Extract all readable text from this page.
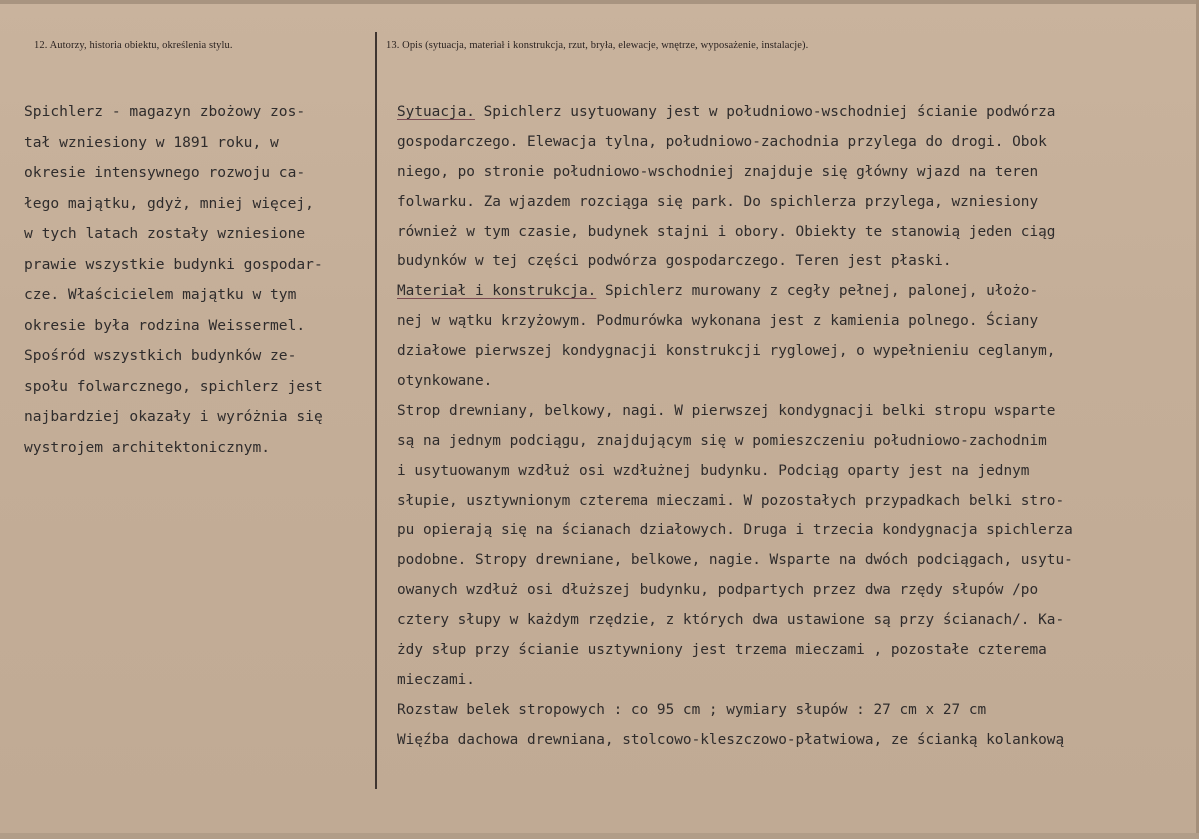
12. Autorzy, historia obiektu, określenia stylu.	13. Opis (sytuacja, materiał i konstrukcja, rzut, bryła, elewacje, wnętrze, wyposażenie, instalacje).
Spichlerz - magazyn zbożowy zos-
tał wzniesiony w 1891 roku, w
okresie intensywnego rozwoju ca-
łego majątku, gdyż, mniej więcej,
w tych latach zostały wzniesione
prawie wszystkie budynki gospodar-
cze. Właścicielem majątku w tym
okresie była rodzina Weissermel.
Spośród wszystkich budynków ze-
społu folwarcznego, spichlerz jest
najbardziej okazały i wyróżnia się
wystrojem architektonicznym.
Sytuacja. Spichlerz usytuowany jest w południowo-wschodniej ścianie podwórza
gospodarczego. Elewacja tylna, południowo-zachodnia przylega do drogi. Obok
niego, po stronie południowo-wschodniej znajduje się główny wjazd na teren
folwarku. Za wjazdem rozciąga się park. Do spichlerza przylega, wzniesiony
również w tym czasie, budynek stajni i obory. Obiekty te stanowią jeden ciąg
budynków w tej części podwórza gospodarczego. Teren jest płaski.
Materiał i konstrukcja. Spichlerz murowany z cegły pełnej, palonej, ułożo-
nej w wątku krzyżowym. Podmurówka wykonana jest z kamienia polnego. Ściany
działowe pierwszej kondygnacji konstrukcji ryglowej, o wypełnieniu ceglanym,
otynkowane.
Strop drewniany, belkowy, nagi. W pierwszej kondygnacji belki stropu wsparte
są na jednym podciągu, znajdującym się w pomieszczeniu południowo-zachodnim
i usytuowanym wzdłuż osi wzdłużnej budynku. Podciąg oparty jest na jednym
słupie, usztywnionym czterema mieczami. W pozostałych przypadkach belki stro-
pu opierają się na ścianach działowych. Druga i trzecia kondygnacja spichlerza
podobne. Stropy drewniane, belkowe, nagie. Wsparte na dwóch podciągach, usytu-
owanych wzdłuż osi dłuższej budynku, podpartych przez dwa rzędy słupów /po
cztery słupy w każdym rzędzie, z których dwa ustawione są przy ścianach/. Ka-
żdy słup przy ścianie usztywniony jest trzema mieczami , pozostałe czterema
mieczami.
Rozstaw belek stropowych : co 95 cm ; wymiary słupów : 27 cm x 27 cm
Więźba dachowa drewniana, stolcowo-kleszczowo-płatwiowa, ze ścianką kolankową
